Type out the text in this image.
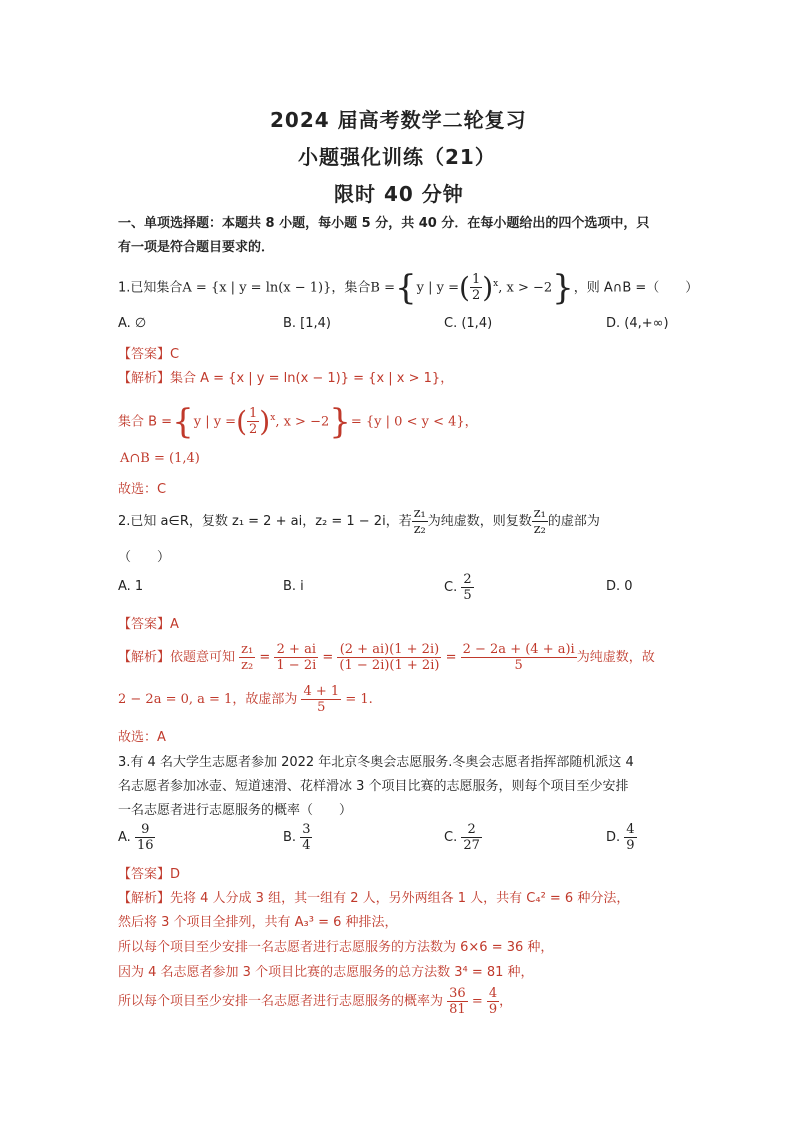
2024 届高考数学二轮复习
小题强化训练（21）
限时 40 分钟
一、单项选择题：本题共 8 小题，每小题 5 分，共 40 分．在每小题给出的四个选项中，只
有一项是符合题目要求的．
1.已知集合A = {x | y = ln(x − 1)}，集合B ={y | y =( $\frac{1}{2} )^x$, x > −2}，则 A∩B =（　　）
A. ∅	B. [1,4)	C. (1,4)	D. (4,+∞)
【答案】C
【解析】集合 A = {x | y = ln(x − 1)} = {x | x > 1}，
集合 B ={y | y =( $\frac{1}{2} )^x$, x > −2}= {y | 0 < y < 4}，
A∩B = (1,4)
故选：C
2.已知 a∈R，复数 z₁ = 2 + ai，z₂ = 1 − 2i，若 $\frac{\text{z₁}}{\text{z₂}}$ 为纯虚数，则复数 $\frac{\text{z₁}}{\text{z₂}}$ 的虚部为
（　　）
A. 1	B. i	C. $\frac{2}{5}$	D. 0
【答案】A
【解析】依题意可知 $\frac{\text{z₁}}{\text{z₂}} = \frac{2 + ai}{1 - 2i} = \frac{(2 + ai)(1 + 2i)}{(1 - 2i)(1 + 2i)} = \frac{2 - 2a + (4 + a)i}{5}$ 为纯虚数，故
2 − 2a = 0, a = 1，故虚部为 $\frac{4 + 1}{5} = 1$.
故选：A
3.有 4 名大学生志愿者参加 2022 年北京冬奥会志愿服务.冬奥会志愿者指挥部随机派这 4
名志愿者参加冰壶、短道速滑、花样滑冰 3 个项目比赛的志愿服务，则每个项目至少安排
一名志愿者进行志愿服务的概率（　　）
A. $\frac{9}{16}$	B. $\frac{3}{4}$	C. $\frac{2}{27}$	D. $\frac{4}{9}$
【答案】D
【解析】先将 4 人分成 3 组，其一组有 2 人，另外两组各 1 人，共有 C₄² = 6 种分法，
然后将 3 个项目全排列，共有 A₃³ = 6 种排法，
所以每个项目至少安排一名志愿者进行志愿服务的方法数为 6×6 = 36 种，
因为 4 名志愿者参加 3 个项目比赛的志愿服务的总方法数 3⁴ = 81 种，
所以每个项目至少安排一名志愿者进行志愿服务的概率为 $\frac{36}{81} = \frac{4}{9}$ ，
